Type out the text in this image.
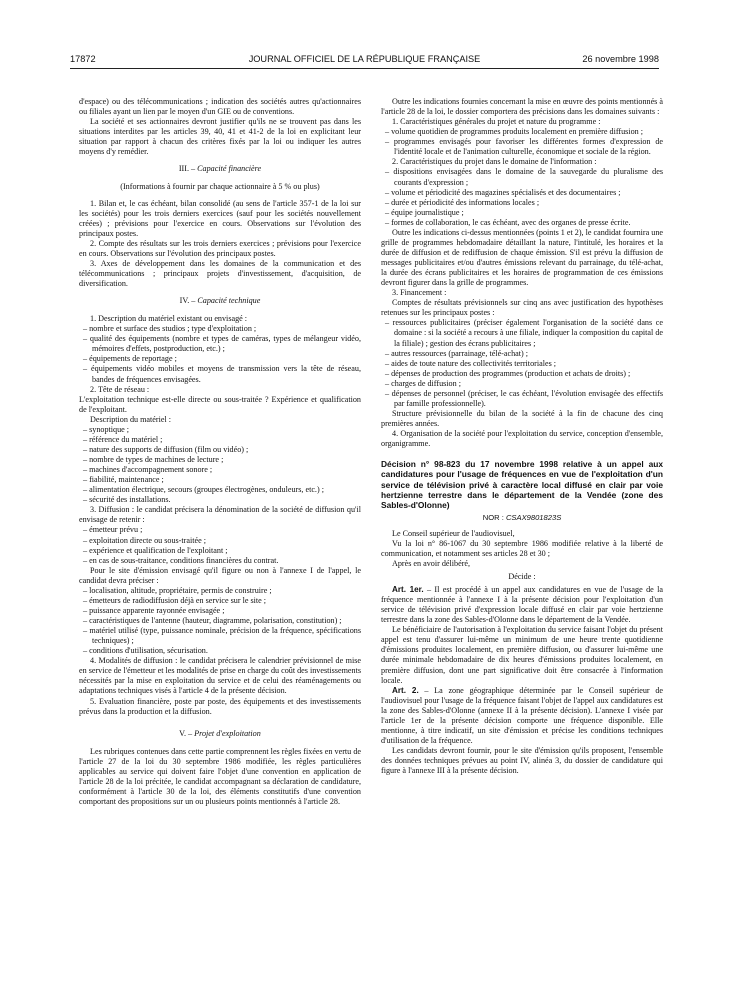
17872	JOURNAL OFFICIEL DE LA RÉPUBLIQUE FRANÇAISE	26 novembre 1998

d'espace) ou des télécommunications ; indication des sociétés autres qu'actionnaires ou filiales ayant un lien par le moyen d'un GIE ou de conventions.

La société et ses actionnaires devront justifier qu'ils ne se trouvent pas dans les situations interdites par les articles 39, 40, 41 et 41-2 de la loi en explicitant leur situation par rapport à chacun des critères fixés par la loi ou indiquer les autres moyens d'y remédier.

III. – Capacité financière

(Informations à fournir par chaque actionnaire à 5 % ou plus)

1. Bilan et, le cas échéant, bilan consolidé (au sens de l'article 357-1 de la loi sur les sociétés) pour les trois derniers exercices (sauf pour les sociétés nouvellement créées) ; prévisions pour l'exercice en cours. Observations sur l'évolution des principaux postes.

2. Compte des résultats sur les trois derniers exercices ; prévisions pour l'exercice en cours. Observations sur l'évolution des principaux postes.

3. Axes de développement dans les domaines de la communication et des télécommunications ; principaux projets d'investissement, d'acquisition, de diversification.

IV. – Capacité technique

1. Description du matériel existant ou envisagé :

– nombre et surface des studios ; type d'exploitation ;
– qualité des équipements (nombre et types de caméras, types de mélangeur vidéo, mémoires d'effets, postproduction, etc.) ;
– équipements de reportage ;
– équipements vidéo mobiles et moyens de transmission vers la tête de réseau, bandes de fréquences envisagées.

2. Tête de réseau :

L'exploitation technique est-elle directe ou sous-traitée ? Expérience et qualification de l'exploitant.

Description du matériel :

– synoptique ;
– référence du matériel ;
– nature des supports de diffusion (film ou vidéo) ;
– nombre de types de machines de lecture ;
– machines d'accompagnement sonore ;
– fiabilité, maintenance ;
– alimentation électrique, secours (groupes électrogènes, onduleurs, etc.) ;
– sécurité des installations.

3. Diffusion : le candidat précisera la dénomination de la société de diffusion qu'il envisage de retenir :

– émetteur prévu ;
– exploitation directe ou sous-traitée ;
– expérience et qualification de l'exploitant ;
– en cas de sous-traitance, conditions financières du contrat.

Pour le site d'émission envisagé qu'il figure ou non à l'annexe I de l'appel, le candidat devra préciser :

– localisation, altitude, propriétaire, permis de construire ;
– émetteurs de radiodiffusion déjà en service sur le site ;
– puissance apparente rayonnée envisagée ;
– caractéristiques de l'antenne (hauteur, diagramme, polarisation, constitution) ;
– matériel utilisé (type, puissance nominale, précision de la fréquence, spécifications techniques) ;
– conditions d'utilisation, sécurisation.

4. Modalités de diffusion : le candidat précisera le calendrier prévisionnel de mise en service de l'émetteur et les modalités de prise en charge du coût des investissements nécessités par la mise en exploitation du service et de celui des réaménagements ou adaptations techniques visés à l'article 4 de la présente décision.

5. Evaluation financière, poste par poste, des équipements et des investissements prévus dans la production et la diffusion.

V. – Projet d'exploitation

Les rubriques contenues dans cette partie comprennent les règles fixées en vertu de l'article 27 de la loi du 30 septembre 1986 modifiée, les règles particulières applicables au service qui doivent faire l'objet d'une convention en application de l'article 28 de la loi précitée, le candidat accompagnant sa déclaration de candidature, conformément à l'article 30 de la loi, des éléments constitutifs d'une convention comportant des propositions sur un ou plusieurs points mentionnés à l'article 28.

Outre les indications fournies concernant la mise en œuvre des points mentionnés à l'article 28 de la loi, le dossier comportera des précisions dans les domaines suivants :

1. Caractéristiques générales du projet et nature du programme :

– volume quotidien de programmes produits localement en première diffusion ;
– programmes envisagés pour favoriser les différentes formes d'expression de l'identité locale et de l'animation culturelle, économique et sociale de la région.

2. Caractéristiques du projet dans le domaine de l'information :

– dispositions envisagées dans le domaine de la sauvegarde du pluralisme des courants d'expression ;
– volume et périodicité des magazines spécialisés et des documentaires ;
– durée et périodicité des informations locales ;
– équipe journalistique ;
– formes de collaboration, le cas échéant, avec des organes de presse écrite.

Outre les indications ci-dessus mentionnées (points 1 et 2), le candidat fournira une grille de programmes hebdomadaire détaillant la nature, l'intitulé, les horaires et la durée de diffusion et de rediffusion de chaque émission. S'il est prévu la diffusion de messages publicitaires et/ou d'autres émissions relevant du parrainage, du télé-achat, la durée des écrans publicitaires et les horaires de programmation de ces émissions devront figurer dans la grille de programmes.

3. Financement :

Comptes de résultats prévisionnels sur cinq ans avec justification des hypothèses retenues sur les principaux postes :

– ressources publicitaires (préciser également l'organisation de la société dans ce domaine : si la société a recours à une filiale, indiquer la composition du capital de la filiale) ; gestion des écrans publicitaires ;
– autres ressources (parrainage, télé-achat) ;
– aides de toute nature des collectivités territoriales ;
– dépenses de production des programmes (production et achats de droits) ;
– charges de diffusion ;
– dépenses de personnel (préciser, le cas échéant, l'évolution envisagée des effectifs par famille professionnelle).

Structure prévisionnelle du bilan de la société à la fin de chacune des cinq premières années.

4. Organisation de la société pour l'exploitation du service, conception d'ensemble, organigramme.

Décision n° 98-823 du 17 novembre 1998 relative à un appel aux candidatures pour l'usage de fréquences en vue de l'exploitation d'un service de télévision privé à caractère local diffusé en clair par voie hertzienne terrestre dans le département de la Vendée (zone des Sables-d'Olonne)
NOR : CSAX9801823S

Le Conseil supérieur de l'audiovisuel,

Vu la loi n° 86-1067 du 30 septembre 1986 modifiée relative à la liberté de communication, et notamment ses articles 28 et 30 ;

Après en avoir délibéré,

Décide :

Art. 1er. – Il est procédé à un appel aux candidatures en vue de l'usage de la fréquence mentionnée à l'annexe I à la présente décision pour l'exploitation d'un service de télévision privé d'expression locale diffusé en clair par voie hertzienne terrestre dans la zone des Sables-d'Olonne dans le département de la Vendée.

Le bénéficiaire de l'autorisation à l'exploitation du service faisant l'objet du présent appel est tenu d'assurer lui-même un minimum de une heure trente quotidienne d'émissions produites localement, en première diffusion, ou d'assurer lui-même une durée minimale hebdomadaire de dix heures d'émissions produites localement, en première diffusion, dont une part significative doit être consacrée à l'information locale.

Art. 2. – La zone géographique déterminée par le Conseil supérieur de l'audiovisuel pour l'usage de la fréquence faisant l'objet de l'appel aux candidatures est la zone des Sables-d'Olonne (annexe II à la présente décision). L'annexe I visée par l'article 1er de la présente décision comporte une fréquence disponible. Elle mentionne, à titre indicatif, un site d'émission et précise les conditions techniques d'utilisation de la fréquence.

Les candidats devront fournir, pour le site d'émission qu'ils proposent, l'ensemble des données techniques prévues au point IV, alinéa 3, du dossier de candidature qui figure à l'annexe III à la présente décision.
